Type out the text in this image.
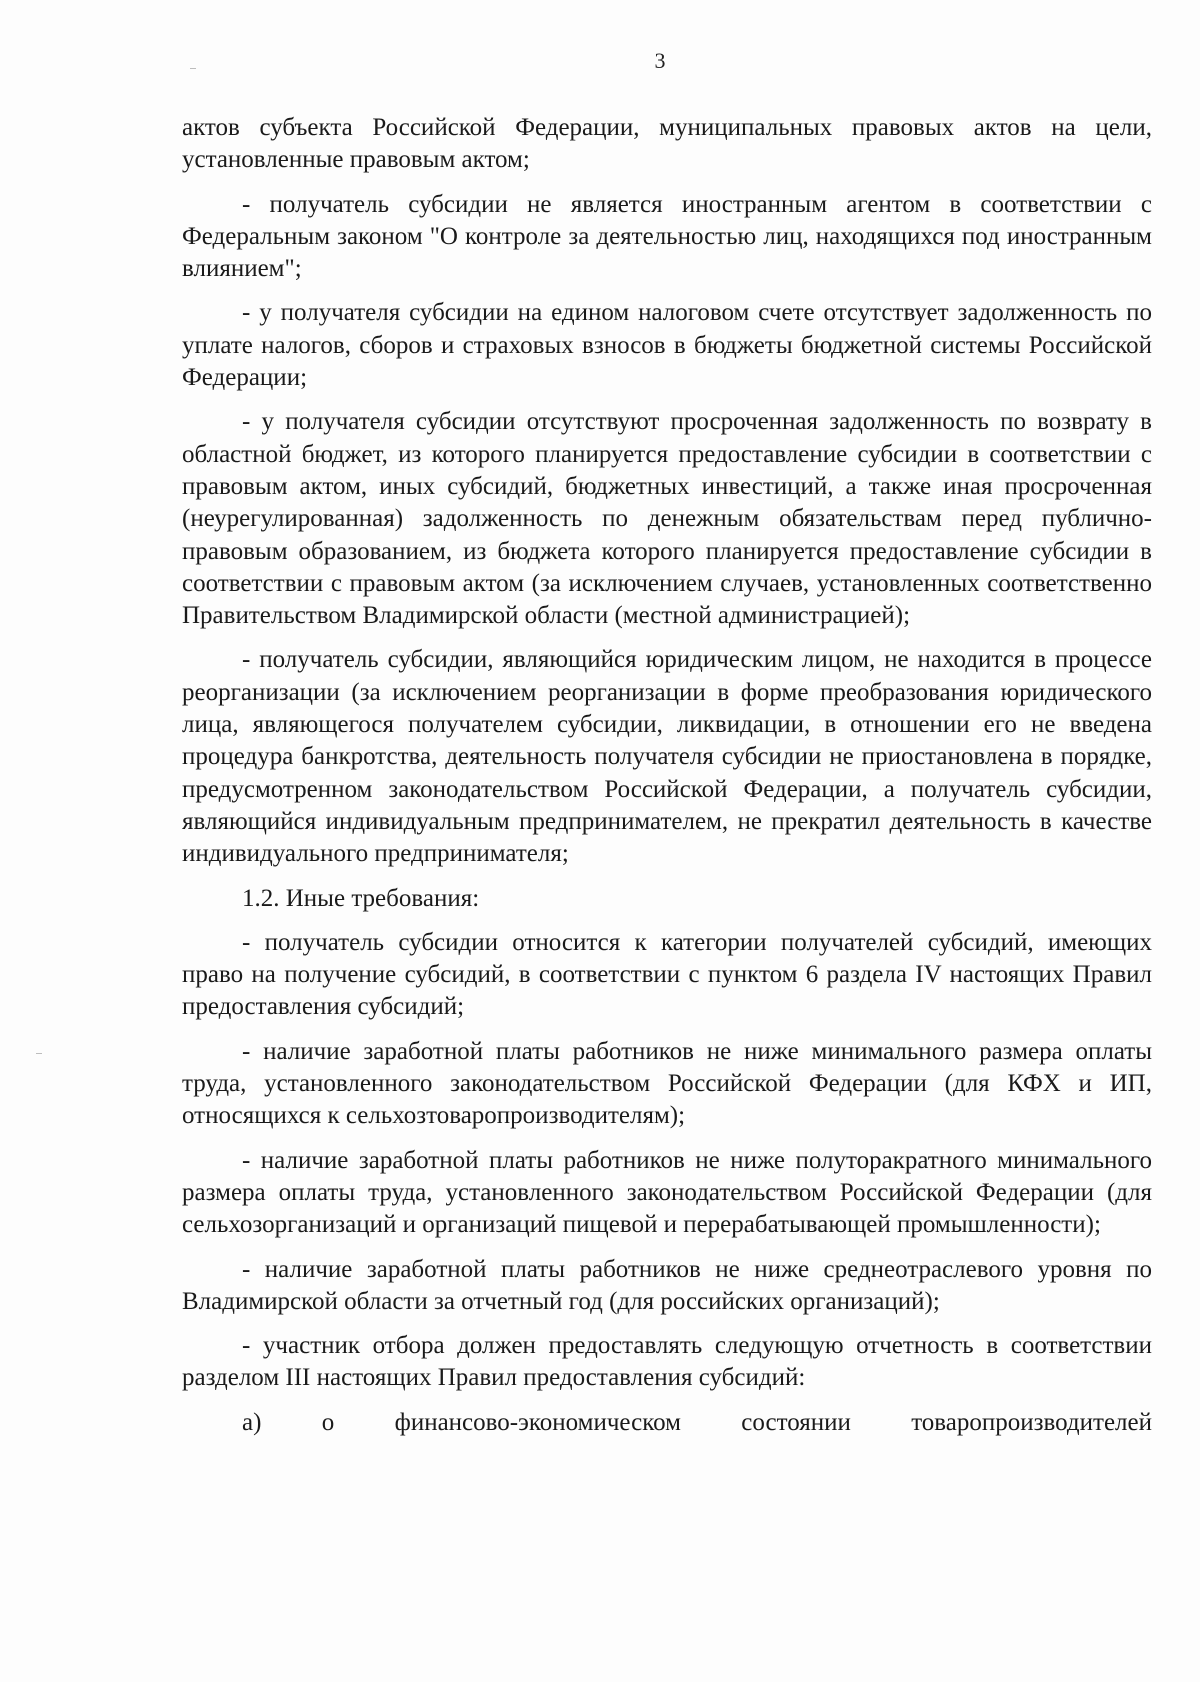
3

актов субъекта Российской Федерации, муниципальных правовых актов на цели, установленные правовым актом;

- получатель субсидии не является иностранным агентом в соответствии с Федеральным законом "О контроле за деятельностью лиц, находящихся под иностранным влиянием";

- у получателя субсидии на едином налоговом счете отсутствует задолженность по уплате налогов, сборов и страховых взносов в бюджеты бюджетной системы Российской Федерации;

- у получателя субсидии отсутствуют просроченная задолженность по возврату в областной бюджет, из которого планируется предоставление субсидии в соответствии с правовым актом, иных субсидий, бюджетных инвестиций, а также иная просроченная (неурегулированная) задолженность по денежным обязательствам перед публично-правовым образованием, из бюджета которого планируется предоставление субсидии в соответствии с правовым актом (за исключением случаев, установленных соответственно Правительством Владимирской области (местной администрацией);

- получатель субсидии, являющийся юридическим лицом, не находится в процессе реорганизации (за исключением реорганизации в форме преобразования юридического лица, являющегося получателем субсидии, ликвидации, в отношении его не введена процедура банкротства, деятельность получателя субсидии не приостановлена в порядке, предусмотренном законодательством Российской Федерации, а получатель субсидии, являющийся индивидуальным предпринимателем, не прекратил деятельность в качестве индивидуального предпринимателя;

1.2. Иные требования:

- получатель субсидии относится к категории получателей субсидий, имеющих право на получение субсидий, в соответствии с пунктом 6 раздела IV настоящих Правил предоставления субсидий;

- наличие заработной платы работников не ниже минимального размера оплаты труда, установленного законодательством Российской Федерации (для КФХ и ИП, относящихся к сельхозтоваропроизводителям);

- наличие заработной платы работников не ниже полуторакратного минимального размера оплаты труда, установленного законодательством Российской Федерации (для сельхозорганизаций и организаций пищевой и перерабатывающей промышленности);

- наличие заработной платы работников не ниже среднеотраслевого уровня по Владимирской области за отчетный год (для российских организаций);

- участник отбора должен предоставлять следующую отчетность в соответствии разделом III настоящих Правил предоставления субсидий:

а) о финансово-экономическом состоянии товаропроизводителей
